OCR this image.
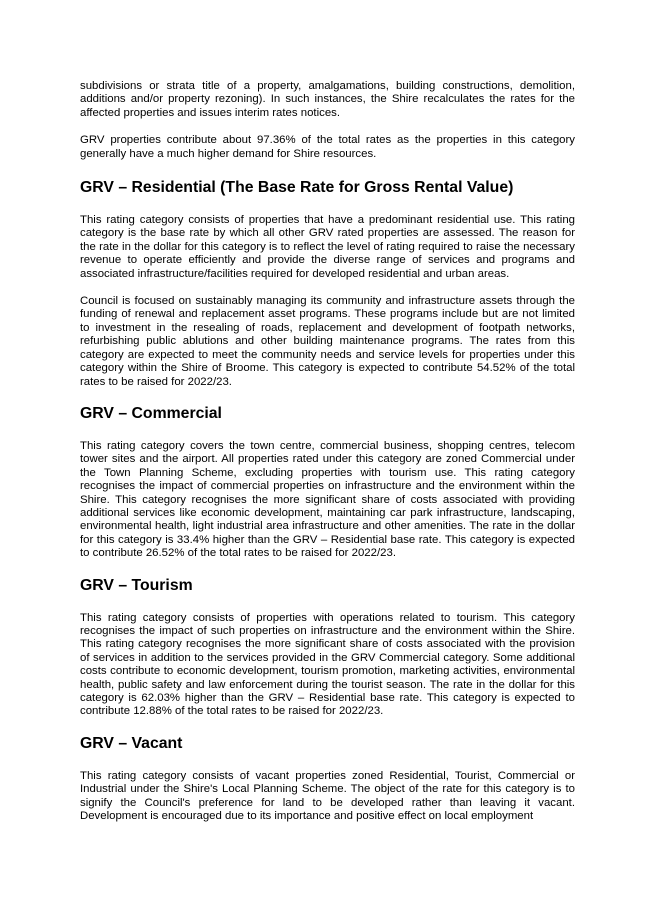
subdivisions or strata title of a property, amalgamations, building constructions, demolition, additions and/or property rezoning). In such instances, the Shire recalculates the rates for the affected properties and issues interim rates notices.

GRV properties contribute about 97.36% of the total rates as the properties in this category generally have a much higher demand for Shire resources.

GRV – Residential (The Base Rate for Gross Rental Value)

This rating category consists of properties that have a predominant residential use. This rating category is the base rate by which all other GRV rated properties are assessed. The reason for the rate in the dollar for this category is to reflect the level of rating required to raise the necessary revenue to operate efficiently and provide the diverse range of services and programs and associated infrastructure/facilities required for developed residential and urban areas.

Council is focused on sustainably managing its community and infrastructure assets through the funding of renewal and replacement asset programs. These programs include but are not limited to investment in the resealing of roads, replacement and development of footpath networks, refurbishing public ablutions and other building maintenance programs. The rates from this category are expected to meet the community needs and service levels for properties under this category within the Shire of Broome. This category is expected to contribute 54.52% of the total rates to be raised for 2022/23.

GRV – Commercial

This rating category covers the town centre, commercial business, shopping centres, telecom tower sites and the airport. All properties rated under this category are zoned Commercial under the Town Planning Scheme, excluding properties with tourism use. This rating category recognises the impact of commercial properties on infrastructure and the environment within the Shire. This category recognises the more significant share of costs associated with providing additional services like economic development, maintaining car park infrastructure, landscaping, environmental health, light industrial area infrastructure and other amenities. The rate in the dollar for this category is 33.4% higher than the GRV – Residential base rate. This category is expected to contribute 26.52% of the total rates to be raised for 2022/23.

GRV – Tourism

This rating category consists of properties with operations related to tourism. This category recognises the impact of such properties on infrastructure and the environment within the Shire. This rating category recognises the more significant share of costs associated with the provision of services in addition to the services provided in the GRV Commercial category. Some additional costs contribute to economic development, tourism promotion, marketing activities, environmental health, public safety and law enforcement during the tourist season. The rate in the dollar for this category is 62.03% higher than the GRV – Residential base rate. This category is expected to contribute 12.88% of the total rates to be raised for 2022/23.

GRV – Vacant

This rating category consists of vacant properties zoned Residential, Tourist, Commercial or Industrial under the Shire's Local Planning Scheme. The object of the rate for this category is to signify the Council's preference for land to be developed rather than leaving it vacant. Development is encouraged due to its importance and positive effect on local employment
